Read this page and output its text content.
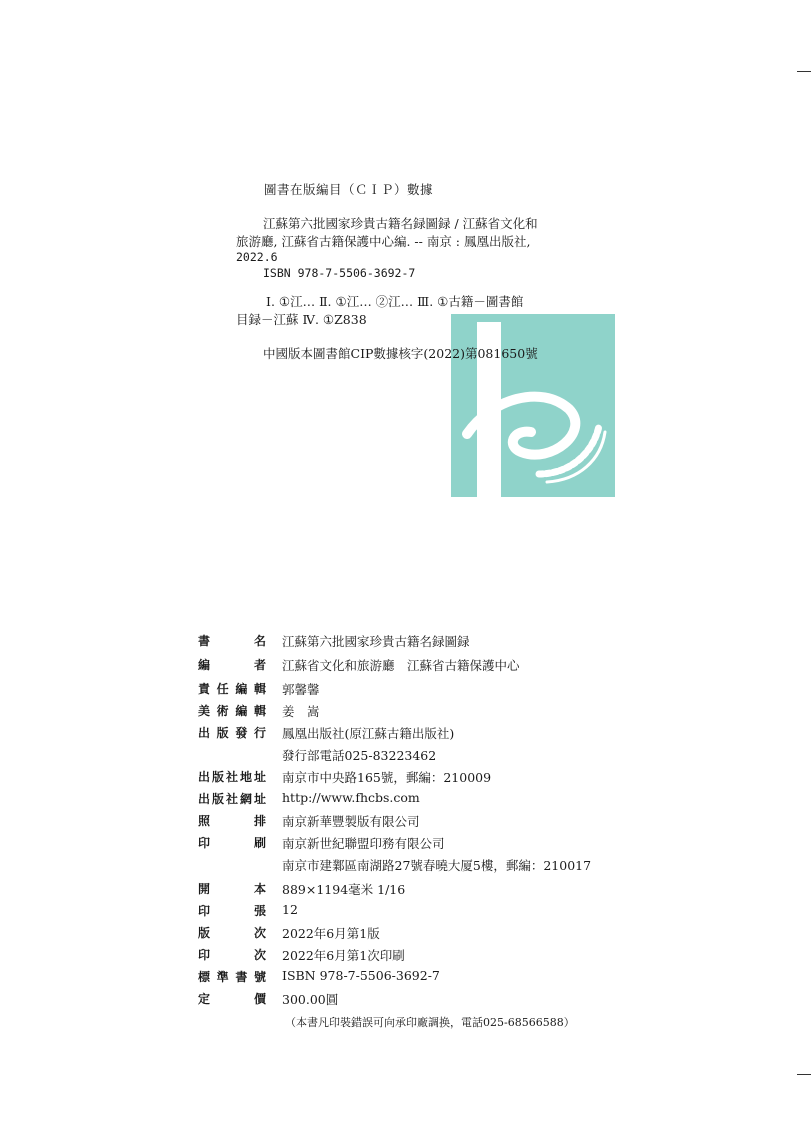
圖書在版編目（ＣＩＰ）數據
江蘇第六批國家珍貴古籍名録圖録 / 江蘇省文化和
旅游廳, 江蘇省古籍保護中心編. -- 南京 : 鳳凰出版社,
2022.6
ISBN 978-7-5506-3692-7
Ⅰ. ①江… Ⅱ. ①江… ②江… Ⅲ. ①古籍－圖書館
目録－江蘇 Ⅳ. ①Z838
中國版本圖書館CIP數據核字(2022)第081650號
書	名 江蘇第六批國家珍貴古籍名録圖録
編	者 江蘇省文化和旅游廳　江蘇省古籍保護中心
責 任 編 輯 郭馨馨
美 術 編 輯 姜　嵩
出 版 發 行 鳳凰出版社(原江蘇古籍出版社)
發行部電話025-83223462
出 版 社 地 址 南京市中央路165號，郵編：210009
出 版 社 網 址 http://www.fhcbs.com
照	排 南京新華豐製版有限公司
印	刷 南京新世紀聯盟印務有限公司
南京市建鄴區南湖路27號春曉大厦5樓，郵編：210017
開	本 889×1194毫米 1/16
印	張 12
版	次 2022年6月第1版
印	次 2022年6月第1次印刷
標 準 書 號 ISBN 978-7-5506-3692-7
定	價 300.00圓
（本書凡印裝錯誤可向承印廠調换，電話025-68566588）
